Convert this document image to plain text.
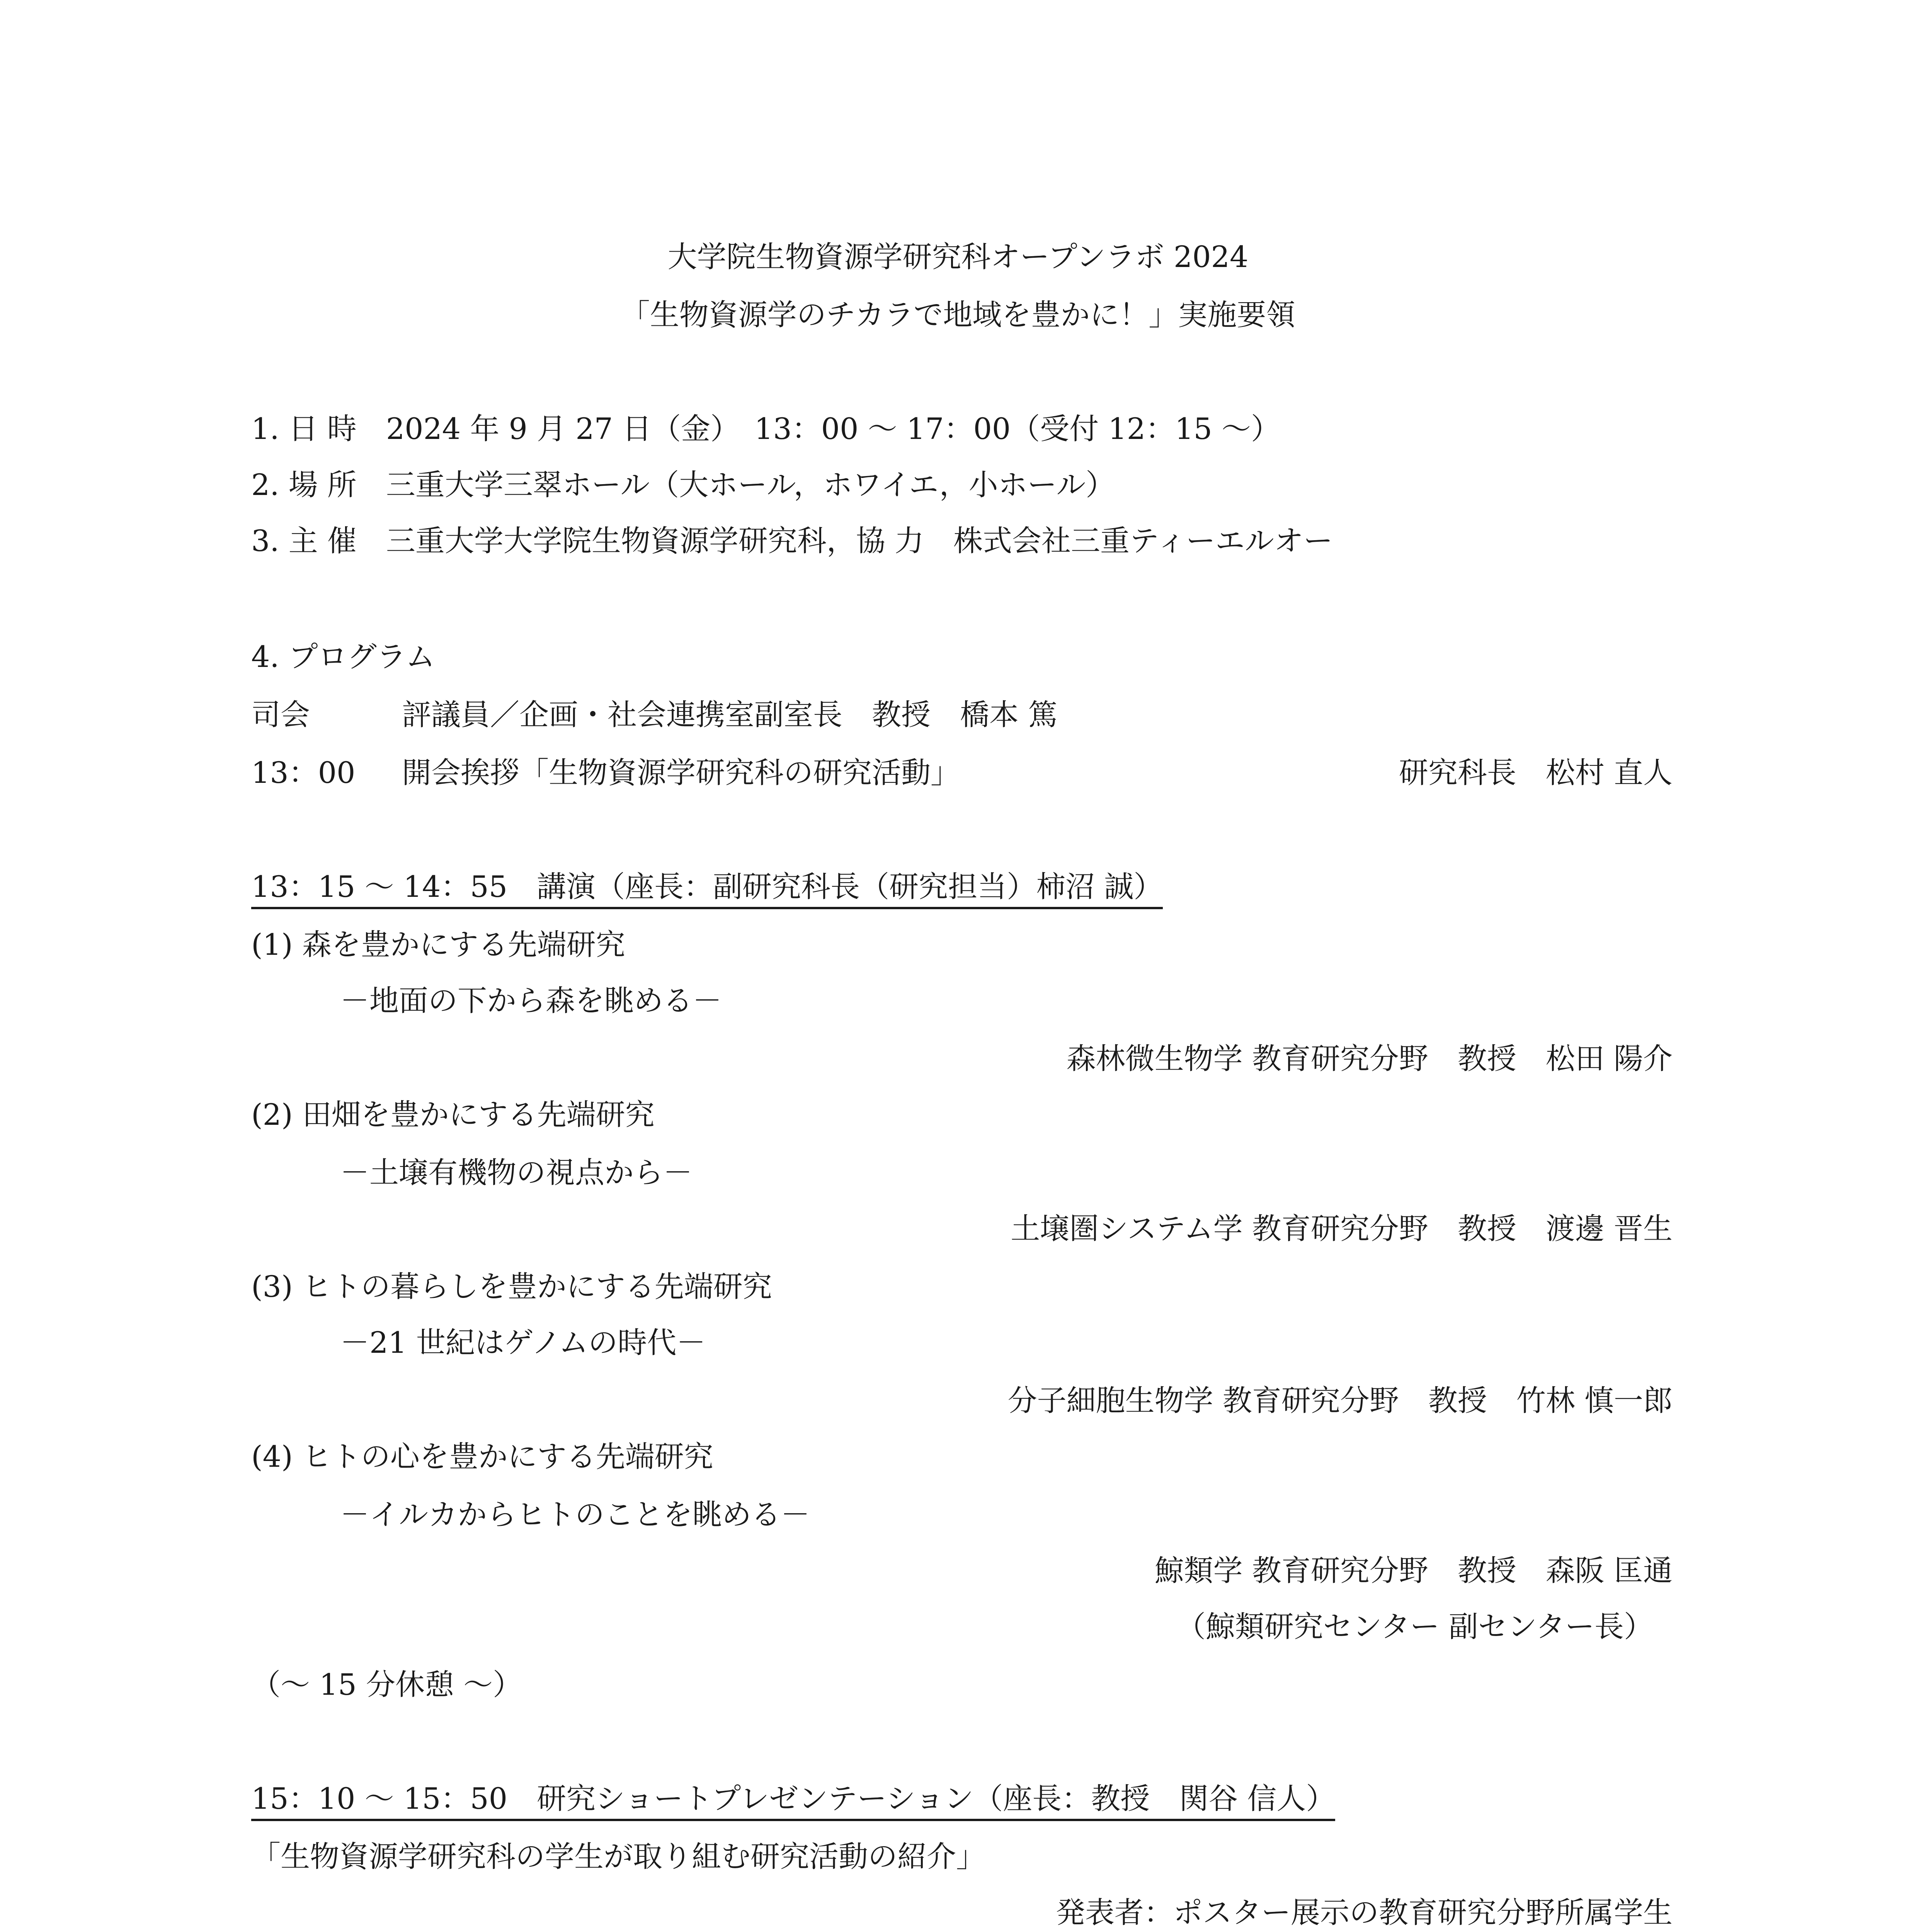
大学院生物資源学研究科オープンラボ 2024
「生物資源学のチカラで地域を豊かに！」実施要領
1. 日 時　2024 年 9 月 27 日（金）　13：00 〜 17：00（受付 12：15 〜）
2. 場 所　三重大学三翠ホール（大ホール，ホワイエ，小ホール）
3. 主 催　三重大学大学院生物資源学研究科，協 力　株式会社三重ティーエルオー
4. プログラム
司会	評議員／企画・社会連携室副室長　教授　橋本 篤
13：00 開会挨拶「生物資源学研究科の研究活動」	研究科長　松村 直人
13：15 〜 14：55　講演（座長：副研究科長（研究担当）柿沼 誠）
(1) 森を豊かにする先端研究
－地面の下から森を眺める－
森林微生物学 教育研究分野　教授　松田 陽介
(2) 田畑を豊かにする先端研究
－土壌有機物の視点から－
土壌圏システム学 教育研究分野　教授　渡邊 晋生
(3) ヒトの暮らしを豊かにする先端研究
－21 世紀はゲノムの時代－
分子細胞生物学 教育研究分野　教授　竹林 慎一郎
(4) ヒトの心を豊かにする先端研究
－イルカからヒトのことを眺める－
鯨類学 教育研究分野　教授　森阪 匡通
（鯨類研究センター 副センター長）
（〜 15 分休憩 〜）
15：10 〜 15：50　研究ショートプレゼンテーション（座長：教授　関谷 信人）
「生物資源学研究科の学生が取り組む研究活動の紹介」
発表者：ポスター展示の教育研究分野所属学生
